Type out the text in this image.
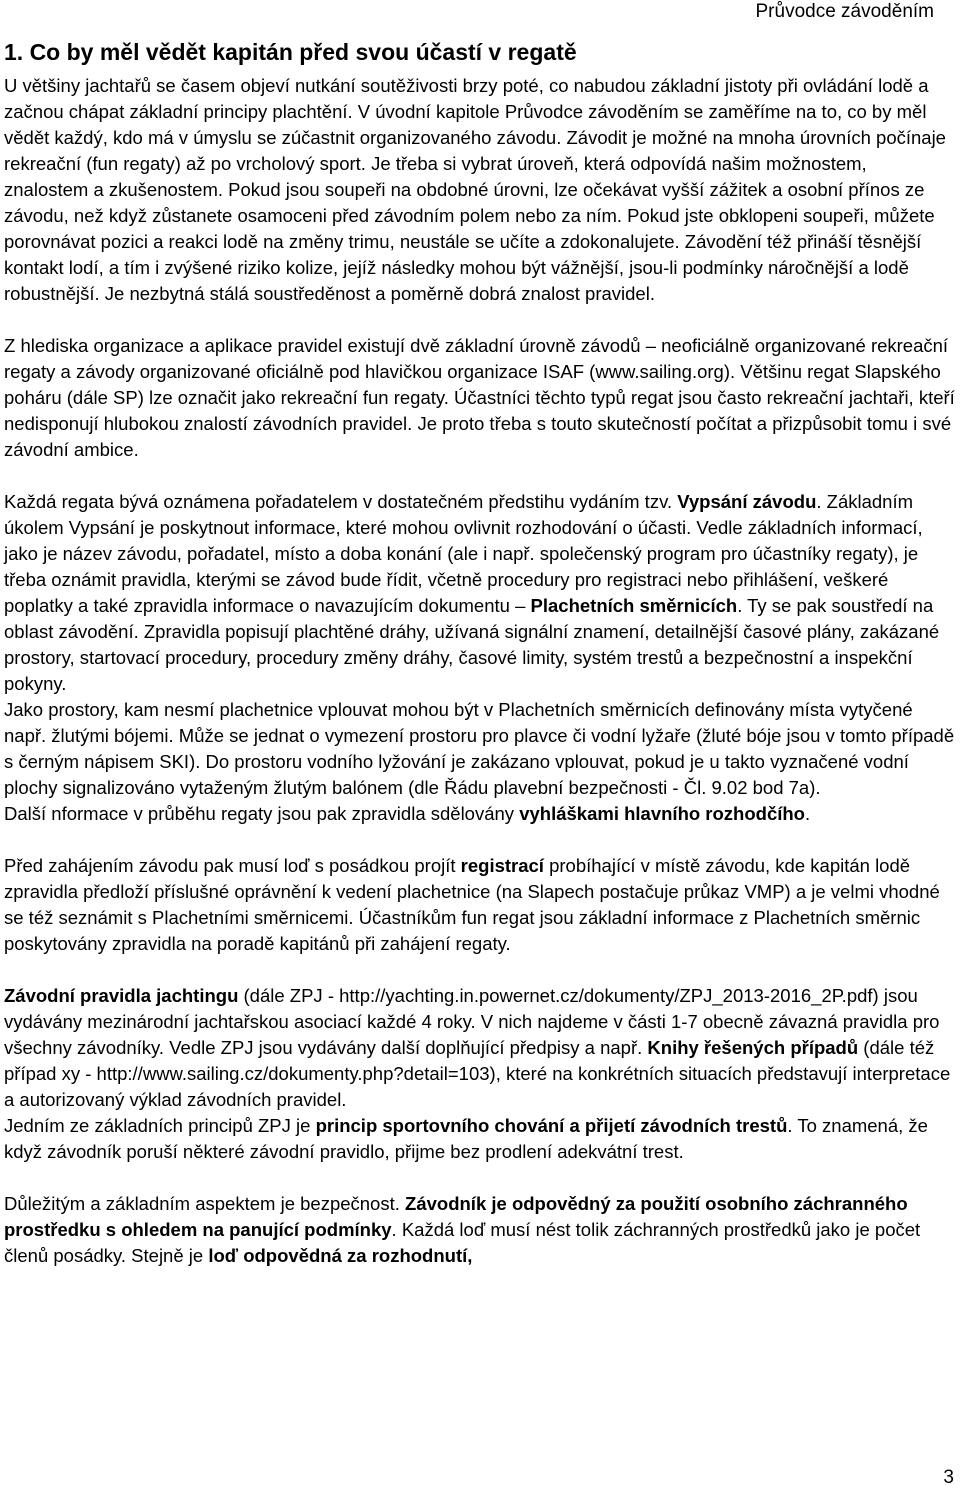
Průvodce závoděním
1. Co by měl vědět kapitán před svou účastí v regatě

U většiny jachtařů se časem objeví nutkání soutěživosti brzy poté, co nabudou základní jistoty při ovládání lodě a začnou chápat základní principy plachtění. V úvodní kapitole Průvodce závoděním se zaměříme na to, co by měl vědět každý, kdo má v úmyslu se zúčastnit organizovaného závodu. Závodit je možné na mnoha úrovních počínaje rekreační (fun regaty) až po vrcholový sport. Je třeba si vybrat úroveň, která odpovídá našim možnostem, znalostem a zkušenostem. Pokud jsou soupeři na obdobné úrovni, lze očekávat vyšší zážitek a osobní přínos ze závodu, než když zůstanete osamoceni před závodním polem nebo za ním. Pokud jste obklopeni soupeři, můžete porovnávat pozici a reakci lodě na změny trimu, neustále se učíte a zdokonalujete. Závodění též přináší těsnější kontakt lodí, a tím i zvýšené riziko kolize, jejíž následky mohou být vážnější, jsou-li podmínky náročnější a lodě robustnější. Je nezbytná stálá soustředěnost a poměrně dobrá znalost pravidel.

Z hlediska organizace a aplikace pravidel existují dvě základní úrovně závodů – neoficiálně organizované rekreační regaty a závody organizované oficiálně pod hlavičkou organizace ISAF (www.sailing.org). Většinu regat Slapského poháru (dále SP) lze označit jako rekreační fun regaty. Účastníci těchto typů regat jsou často rekreační jachtaři, kteří nedisponují hlubokou znalostí závodních pravidel. Je proto třeba s touto skutečností počítat a přizpůsobit tomu i své závodní ambice.

Každá regata bývá oznámena pořadatelem v dostatečném předstihu vydáním tzv. Vypsání závodu. Základním úkolem Vypsání je poskytnout informace, které mohou ovlivnit rozhodování o účasti. Vedle základních informací, jako je název závodu, pořadatel, místo a doba konání (ale i např. společenský program pro účastníky regaty), je třeba oznámit pravidla, kterými se závod bude řídit, včetně procedury pro registraci nebo přihlášení, veškeré poplatky a také zpravidla informace o navazujícím dokumentu – Plachetních směrnicích. Ty se pak soustředí na oblast závodění. Zpravidla popisují plachtěné dráhy, užívaná signální znamení, detailnější časové plány, zakázané prostory, startovací procedury, procedury změny dráhy, časové limity, systém trestů a bezpečnostní a inspekční pokyny.

Jako prostory, kam nesmí plachetnice vplouvat mohou být v Plachetních směrnicích definovány místa vytyčené např. žlutými bójemi. Může se jednat o vymezení prostoru pro plavce či vodní lyžaře (žluté bóje jsou v tomto případě s černým nápisem SKI). Do prostoru vodního lyžování je zakázano vplouvat, pokud je u takto vyznačené vodní plochy signalizováno vytaženým žlutým balónem (dle Řádu plavební bezpečnosti - Čl. 9.02 bod 7a).

Další nformace v průběhu regaty jsou pak zpravidla sdělovány vyhláškami hlavního rozhodčího.

Před zahájením závodu pak musí loď s posádkou projít registrací probíhající v místě závodu, kde kapitán lodě zpravidla předloží příslušné oprávnění k vedení plachetnice (na Slapech postačuje průkaz VMP) a je velmi vhodné se též seznámit s Plachetními směrnicemi. Účastníkům fun regat jsou základní informace z Plachetních směrnic poskytovány zpravidla na poradě kapitánů při zahájení regaty.

Závodní pravidla jachtingu (dále ZPJ - http://yachting.in.powernet.cz/dokumenty/ZPJ_2013-2016_2P.pdf) jsou vydávány mezinárodní jachtařskou asociací každé 4 roky. V nich najdeme v části 1-7 obecně závazná pravidla pro všechny závodníky. Vedle ZPJ jsou vydávány další doplňující předpisy a např. Knihy řešených případů (dále též případ xy - http://www.sailing.cz/dokumenty.php?detail=103), které na konkrétních situacích představují interpretace a autorizovaný výklad závodních pravidel.

Jedním ze základních principů ZPJ je princip sportovního chování a přijetí závodních trestů. To znamená, že když závodník poruší některé závodní pravidlo, přijme bez prodlení adekvátní trest.

Důležitým a základním aspektem je bezpečnost. Závodník je odpovědný za použití osobního záchranného prostředku s ohledem na panující podmínky. Každá loď musí nést tolik záchranných prostředků jako je počet členů posádky. Stejně je loď odpovědná za rozhodnutí,

3
